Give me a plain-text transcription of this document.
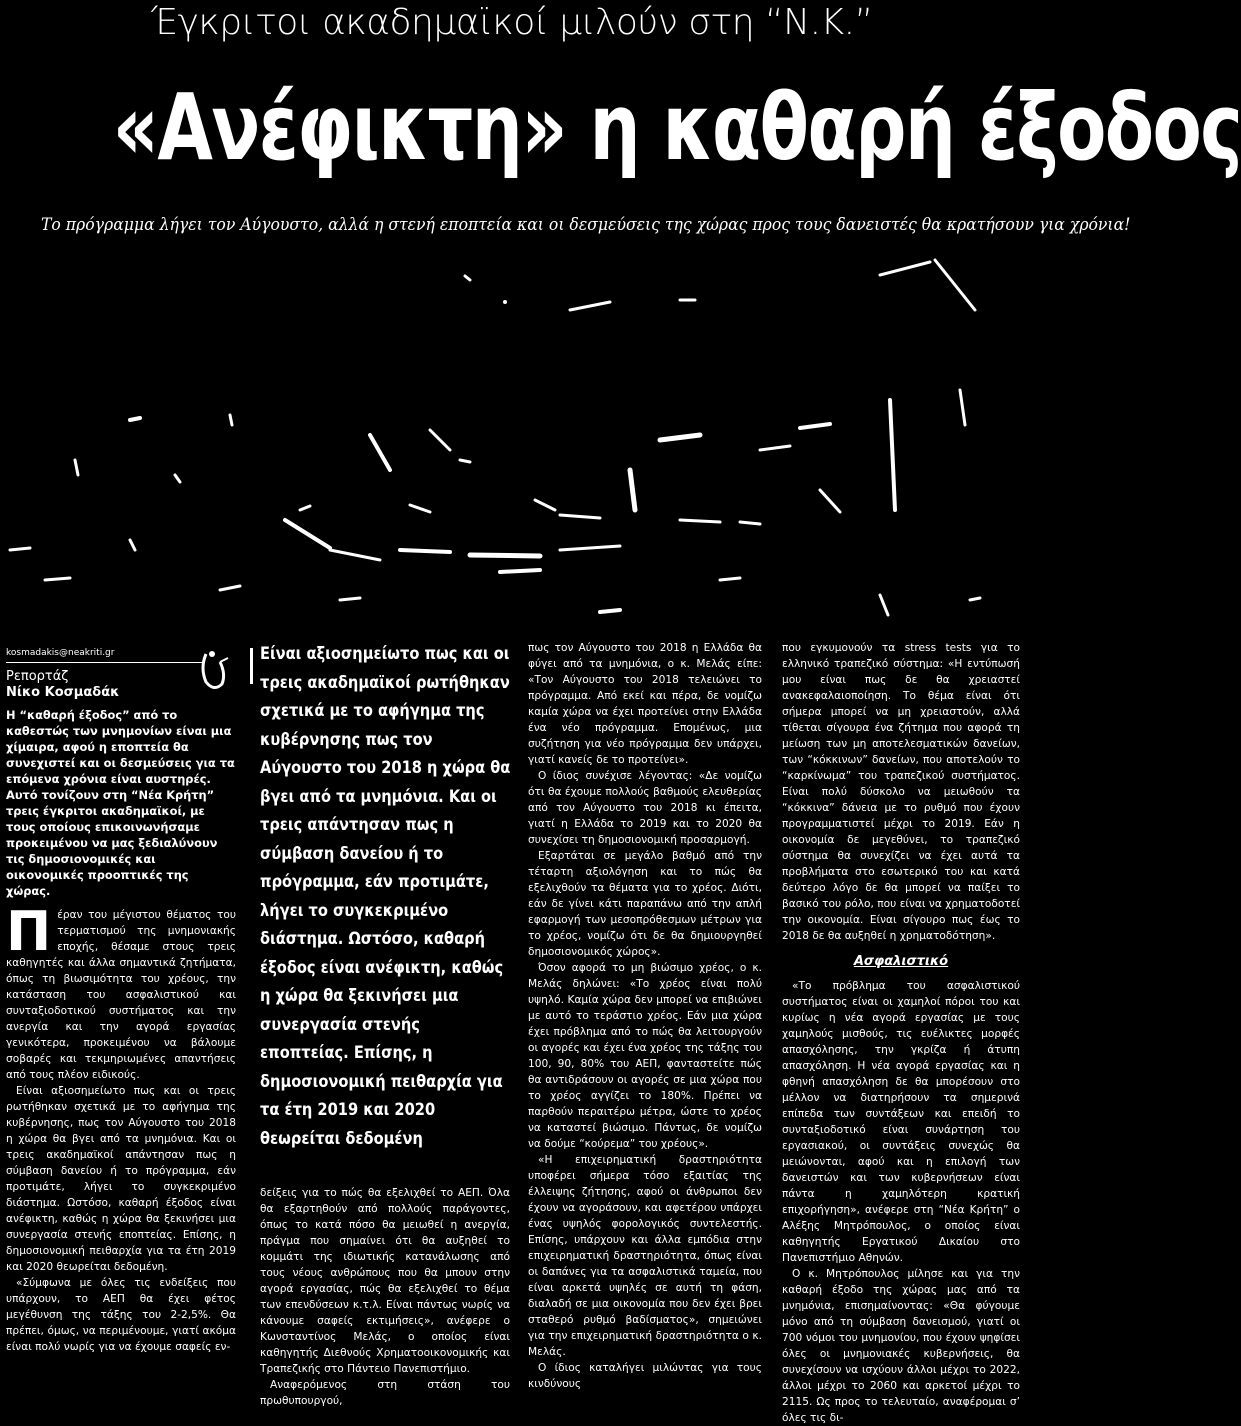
Έγκριτοι ακαδημαϊκοί μιλούν στη “Ν.Κ.”
«Ανέφικτη» η καθαρή έξοδος
Το πρόγραμμα λήγει τον Αύγουστο, αλλά η στενή εποπτεία και οι δεσμεύσεις της χώρας προς τους δανειστές θα κρατήσουν για χρόνια!
kosmadakis@neakriti.gr
Ρεπορτάζ
Νίκο Κοσμαδάκ
Η “καθαρή έξοδος” από το καθεστώς των μνημονίων είναι μια χίμαιρα, αφού η εποπτεία θα συνεχιστεί και οι δεσμεύσεις για τα επόμενα χρόνια είναι αυστηρές. Αυτό τονίζουν στη “Νέα Κρήτη” τρεις έγκριτοι ακαδημαϊκοί, με τους οποίους επικοινωνήσαμε προκειμένου να μας ξεδιαλύνουν τις δημοσιονομικές και οικονομικές προοπτικές της χώρας.

Πέραν του μέγιστου θέματος του τερματισμού της μνημονιακής εποχής, θέσαμε στους τρεις καθηγητές και άλλα σημαντικά ζητήματα, όπως τη βιωσιμότητα του χρέους, την κατάσταση του ασφαλιστικού και συνταξιοδοτικού συστήματος και την ανεργία και την αγορά εργασίας γενικότερα, προκειμένου να βάλουμε σοβαρές και τεκμηριωμένες απαντήσεις από τους πλέον ειδικούς.

Είναι αξιοσημείωτο πως και οι τρεις ρωτήθηκαν σχετικά με το αφήγημα της κυβέρνησης, πως τον Αύγουστο του 2018 η χώρα θα βγει από τα μνημόνια. Και οι τρεις ακαδημαϊκοί απάντησαν πως η σύμβαση δανείου ή το πρόγραμμα, εάν προτιμάτε, λήγει το συγκεκριμένο διάστημα. Ωστόσο, καθαρή έξοδος είναι ανέφικτη, καθώς η χώρα θα ξεκινήσει μια συνεργασία στενής εποπτείας. Επίσης, η δημοσιονομική πειθαρχία για τα έτη 2019 και 2020 θεωρείται δεδομένη.

«Σύμφωνα με όλες τις ενδείξεις που υπάρχουν, το ΑΕΠ θα έχει φέτος μεγέθυνση της τάξης του 2-2,5%. Θα πρέπει, όμως, να περιμένουμε, γιατί ακόμα είναι πολύ νωρίς για να έχουμε σαφείς εν-

Είναι αξιοσημείωτο πως και οι τρεις ακαδημαϊκοί ρωτήθηκαν σχετικά με το αφήγημα της κυβέρνησης πως τον Αύγουστο του 2018 η χώρα θα βγει από τα μνημόνια. Και οι τρεις απάντησαν πως η σύμβαση δανείου ή το πρόγραμμα, εάν προτιμάτε, λήγει το συγκεκριμένο διάστημα. Ωστόσο, καθαρή έξοδος είναι ανέφικτη, καθώς η χώρα θα ξεκινήσει μια συνεργασία στενής εποπτείας. Επίσης, η δημοσιονομική πειθαρχία για τα έτη 2019 και 2020 θεωρείται δεδομένη

δείξεις για το πώς θα εξελιχθεί το ΑΕΠ. Όλα θα εξαρτηθούν από πολλούς παράγοντες, όπως το κατά πόσο θα μειωθεί η ανεργία, πράγμα που σημαίνει ότι θα αυξηθεί το κομμάτι της ιδιωτικής κατανάλωσης από τους νέους ανθρώπους που θα μπουν στην αγορά εργασίας, πώς θα εξελιχθεί το θέμα των επενδύσεων κ.τ.λ. Είναι πάντως νωρίς να κάνουμε σαφείς εκτιμήσεις», ανέφερε ο Κωνσταντίνος Μελάς, ο οποίος είναι καθηγητής Διεθνούς Χρηματοοικονομικής και Τραπεζικής στο Πάντειο Πανεπιστήμιο.

Αναφερόμενος στη στάση του πρωθυπουργού,

πως τον Αύγουστο του 2018 η Ελλάδα θα φύγει από τα μνημόνια, ο κ. Μελάς είπε: «Τον Αύγουστο του 2018 τελειώνει το πρόγραμμα. Από εκεί και πέρα, δε νομίζω καμία χώρα να έχει προτείνει στην Ελλάδα ένα νέο πρόγραμμα. Επομένως, μια συζήτηση για νέο πρόγραμμα δεν υπάρχει, γιατί κανείς δε το προτείνει».

Ο ίδιος συνέχισε λέγοντας: «Δε νομίζω ότι θα έχουμε πολλούς βαθμούς ελευθερίας από τον Αύγουστο του 2018 κι έπειτα, γιατί η Ελλάδα το 2019 και το 2020 θα συνεχίσει τη δημοσιονομική προσαρμογή.

Εξαρτάται σε μεγάλο βαθμό από την τέταρτη αξιολόγηση και το πώς θα εξελιχθούν τα θέματα για το χρέος. Διότι, εάν δε γίνει κάτι παραπάνω από την απλή εφαρμογή των μεσοπρόθεσμων μέτρων για το χρέος, νομίζω ότι δε θα δημιουργηθεί δημοσιονομικός χώρος».

Όσον αφορά το μη βιώσιμο χρέος, ο κ. Μελάς δηλώνει: «Το χρέος είναι πολύ υψηλό. Καμία χώρα δεν μπορεί να επιβιώνει με αυτό το τεράστιο χρέος. Εάν μια χώρα έχει πρόβλημα από το πώς θα λειτουργούν οι αγορές και έχει ένα χρέος της τάξης του 100, 90, 80% του ΑΕΠ, φανταστείτε πώς θα αντιδράσουν οι αγορές σε μια χώρα που το χρέος αγγίζει το 180%. Πρέπει να παρθούν περαιτέρω μέτρα, ώστε το χρέος να καταστεί βιώσιμο. Πάντως, δε νομίζω να δούμε “κούρεμα” του χρέους».

«Η επιχειρηματική δραστηριότητα υποφέρει σήμερα τόσο εξαιτίας της έλλειψης ζήτησης, αφού οι άνθρωποι δεν έχουν να αγοράσουν, και αφετέρου υπάρχει ένας υψηλός φορολογικός συντελεστής. Επίσης, υπάρχουν και άλλα εμπόδια στην επιχειρηματική δραστηριότητα, όπως είναι οι δαπάνες για τα ασφαλιστικά ταμεία, που είναι αρκετά υψηλές σε αυτή τη φάση, διαλαδή σε μια οικονομία που δεν έχει βρει σταθερό ρυθμό βαδίσματος», σημειώνει για την επιχειρηματική δραστηριότητα ο κ. Μελάς.

Ο ίδιος καταλήγει μιλώντας για τους κινδύνους

που εγκυμονούν τα stress tests για το ελληνικό τραπεζικό σύστημα: «Η εντύπωσή μου είναι πως δε θα χρειαστεί ανακεφαλαιοποίηση. Το θέμα είναι ότι σήμερα μπορεί να μη χρειαστούν, αλλά τίθεται σίγουρα ένα ζήτημα που αφορά τη μείωση των μη αποτελεσματικών δανείων, των “κόκκινων” δανείων, που αποτελούν το “καρκίνωμα” του τραπεζικού συστήματος. Είναι πολύ δύσκολο να μειωθούν τα “κόκκινα” δάνεια με το ρυθμό που έχουν προγραμματιστεί μέχρι το 2019. Εάν η οικονομία δε μεγεθύνει, το τραπεζικό σύστημα θα συνεχίζει να έχει αυτά τα προβλήματα στο εσωτερικό του και κατά δεύτερο λόγο δε θα μπορεί να παίξει το βασικό του ρόλο, που είναι να χρηματοδοτεί την οικονομία. Είναι σίγουρο πως έως το 2018 δε θα αυξηθεί η χρηματοδότηση».

Ασφαλιστικό

«Το πρόβλημα του ασφαλιστικού συστήματος είναι οι χαμηλοί πόροι του και κυρίως η νέα αγορά εργασίας με τους χαμηλούς μισθούς, τις ευέλικτες μορφές απασχόλησης, την γκρίζα ή άτυπη απασχόληση. Η νέα αγορά εργασίας και η φθηνή απασχόληση δε θα μπορέσουν στο μέλλον να διατηρήσουν τα σημερινά επίπεδα των συντάξεων και επειδή το συνταξιοδοτικό είναι συνάρτηση του εργασιακού, οι συντάξεις συνεχώς θα μειώνονται, αφού και η επιλογή των δανειστών και των κυβερνήσεων είναι πάντα η χαμηλότερη κρατική επιχορήγηση», ανέφερε στη “Νέα Κρήτη” ο Αλέξης Μητρόπουλος, ο οποίος είναι καθηγητής Εργατικού Δικαίου στο Πανεπιστήμιο Αθηνών.

Ο κ. Μητρόπουλος μίλησε και για την καθαρή έξοδο της χώρας μας από τα μνημόνια, επισημαίνοντας: «Θα φύγουμε μόνο από τη σύμβαση δανεισμού, γιατί οι 700 νόμοι του μνημονίου, που έχουν ψηφίσει όλες οι μνημονιακές κυβερνήσεις, θα συνεχίσουν να ισχύουν άλλοι μέχρι το 2022, άλλοι μέχρι το 2060 και αρκετοί μέχρι το 2115. Ως προς το τελευταίο, αναφέρομαι σ’ όλες τις δι-
